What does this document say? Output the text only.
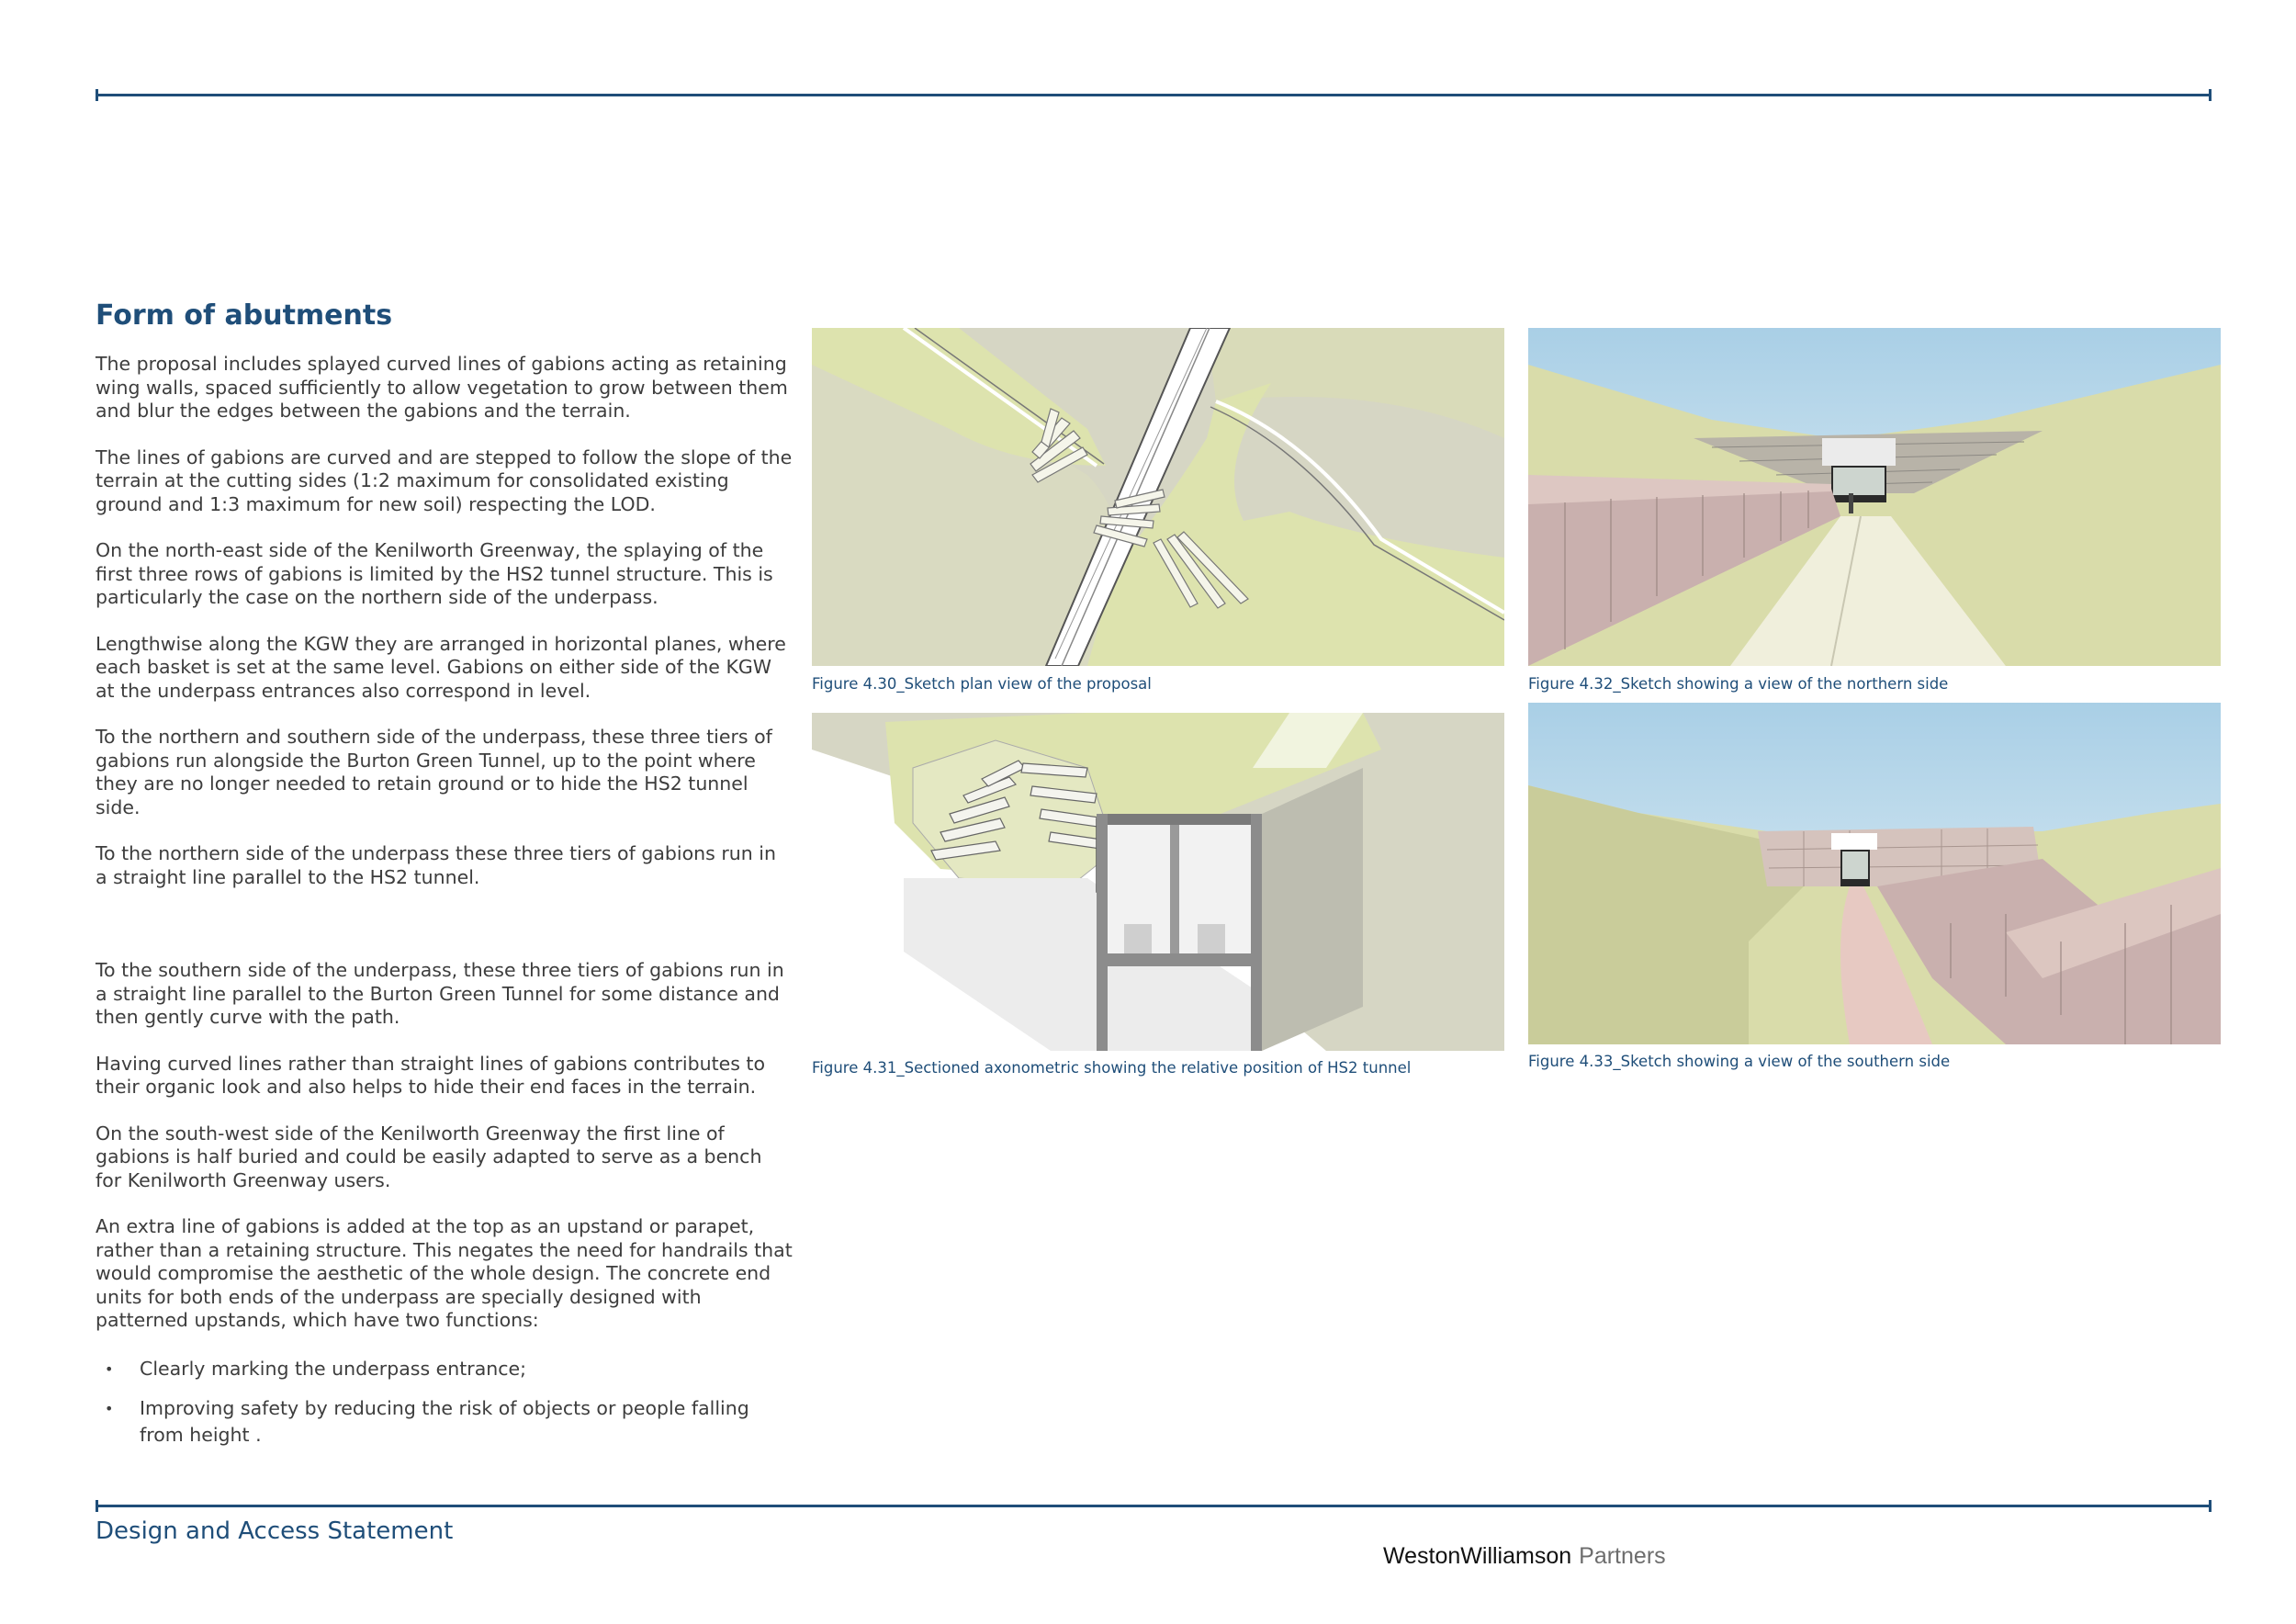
Form of abutments

The proposal includes splayed curved lines of gabions acting as retaining wing walls, spaced sufficiently to allow vegetation to grow between them and blur the edges between the gabions and the terrain.

The lines of gabions are curved and are stepped to follow the slope of the terrain at the cutting sides (1:2 maximum for consolidated existing ground and 1:3 maximum for new soil) respecting the LOD.

On the north-east side of the Kenilworth Greenway, the splaying of the first three rows of gabions is limited by the HS2 tunnel structure. This is particularly the case on the northern side of the underpass.

Lengthwise along the KGW they are arranged in horizontal planes, where each basket is set at the same level. Gabions on either side of the KGW at the underpass entrances also correspond in level.

To the northern and southern side of the underpass, these three tiers of gabions run alongside the Burton Green Tunnel, up to the point where they are no longer needed to retain ground or to hide the HS2 tunnel side.

To the northern side of the underpass these three tiers of gabions run in a straight line parallel to the HS2 tunnel.

To the southern side of the underpass, these three tiers of gabions run in a straight line parallel to the Burton Green Tunnel for some distance and then gently curve with the path.

Having curved lines rather than straight lines of gabions contributes to their organic look and also helps to hide their end faces in the terrain.

On the south-west side of the Kenilworth Greenway the first line of gabions is half buried and could be easily adapted to serve as a bench for Kenilworth Greenway users.

An extra line of gabions is added at the top as an upstand or parapet, rather than a retaining structure. This negates the need for handrails that would compromise the aesthetic of the whole design. The concrete end units for both ends of the underpass are specially designed with patterned upstands, which have two functions:

• Clearly marking the underpass entrance;
• Improving safety by reducing the risk of objects or people falling from height .
Figure 4.30_Sketch plan view of the proposal
Figure 4.31_Sectioned axonometric showing the relative position of HS2 tunnel
Figure 4.32_Sketch showing a view of the northern side
Figure 4.33_Sketch showing a view of the southern side
Design and Access Statement
WestonWilliamson Partners
